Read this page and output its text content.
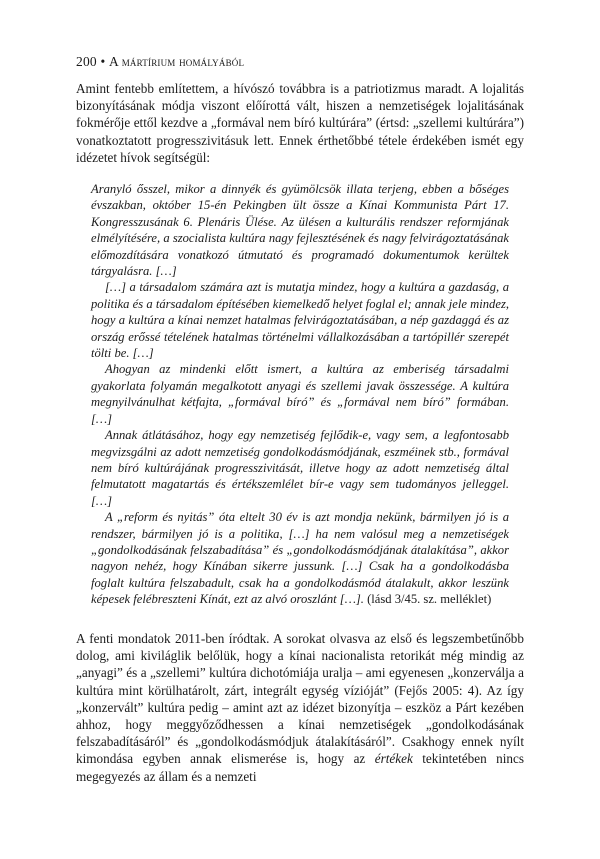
200 • A mártírium homályából

Amint fentebb említettem, a hívószó továbbra is a patriotizmus maradt. A lojalitás bizonyításának módja viszont előírottá vált, hiszen a nemzetiségek lojalitásának fokmérője ettől kezdve a „formával nem bíró kultúrára” (értsd: „szellemi kultúrára”) vonatkoztatott progresszivitásuk lett. Ennek érthetőbbé tétele érdekében ismét egy idézetet hívok segítségül:

Aranyló ősszel, mikor a dinnyék és gyümölcsök illata terjeng, ebben a bőséges évszakban, október 15-én Pekingben ült össze a Kínai Kommunista Párt 17. Kongresszusának 6. Plenáris Ülése. Az ülésen a kulturális rendszer reformjának elmélyítésére, a szocialista kultúra nagy fejlesztésének és nagy felvirágoztatásának előmozdítására vonatkozó útmutató és programadó dokumentumok kerültek tárgyalásra. […]

[…] a társadalom számára azt is mutatja mindez, hogy a kultúra a gazdaság, a politika és a társadalom építésében kiemelkedő helyet foglal el; annak jele mindez, hogy a kultúra a kínai nemzet hatalmas felvirágoztatásában, a nép gazdaggá és az ország erőssé tételének hatalmas történelmi vállalkozásában a tartópillér szerepét tölti be. […]

Ahogyan az mindenki előtt ismert, a kultúra az emberiség társadalmi gyakorlata folyamán megalkotott anyagi és szellemi javak összessége. A kultúra megnyilvánulhat kétfajta, „formával bíró” és „formával nem bíró” formában. […]

Annak átlátásához, hogy egy nemzetiség fejlődik-e, vagy sem, a legfontosabb megvizsgálni az adott nemzetiség gondolkodásmódjának, eszméinek stb., formával nem bíró kultúrájának progresszivitását, illetve hogy az adott nemzetiség által felmutatott magatartás és értékszemlélet bír-e vagy sem tudományos jelleggel. […]

A „reform és nyitás” óta eltelt 30 év is azt mondja nekünk, bármilyen jó is a rendszer, bármilyen jó is a politika, […] ha nem valósul meg a nemzetiségek „gondolkodásának felszabadítása” és „gondolkodásmódjának átalakítása”, akkor nagyon nehéz, hogy Kínában sikerre jussunk. […] Csak ha a gondolkodásba foglalt kultúra felszabadult, csak ha a gondolkodásmód átalakult, akkor leszünk képesek felébreszteni Kínát, ezt az alvó oroszlánt […]. (lásd 3/45. sz. melléklet)

A fenti mondatok 2011-ben íródtak. A sorokat olvasva az első és legszembetűnőbb dolog, ami kiviláglik belőlük, hogy a kínai nacionalista retorikát még mindig az „anyagi” és a „szellemi” kultúra dichotómiája uralja – ami egyenesen „konzerválja a kultúra mint körülhatárolt, zárt, integrált egység vízióját” (Fejős 2005: 4). Az így „konzervált” kultúra pedig – amint azt az idézet bizonyítja – eszköz a Párt kezében ahhoz, hogy meggyőződhessen a kínai nemzetiségek „gondolkodásának felszabadításáról” és „gondolkodásmódjuk átalakításáról”. Csakhogy ennek nyílt kimondása egyben annak elismerése is, hogy az értékek tekintetében nincs megegyezés az állam és a nemzeti
